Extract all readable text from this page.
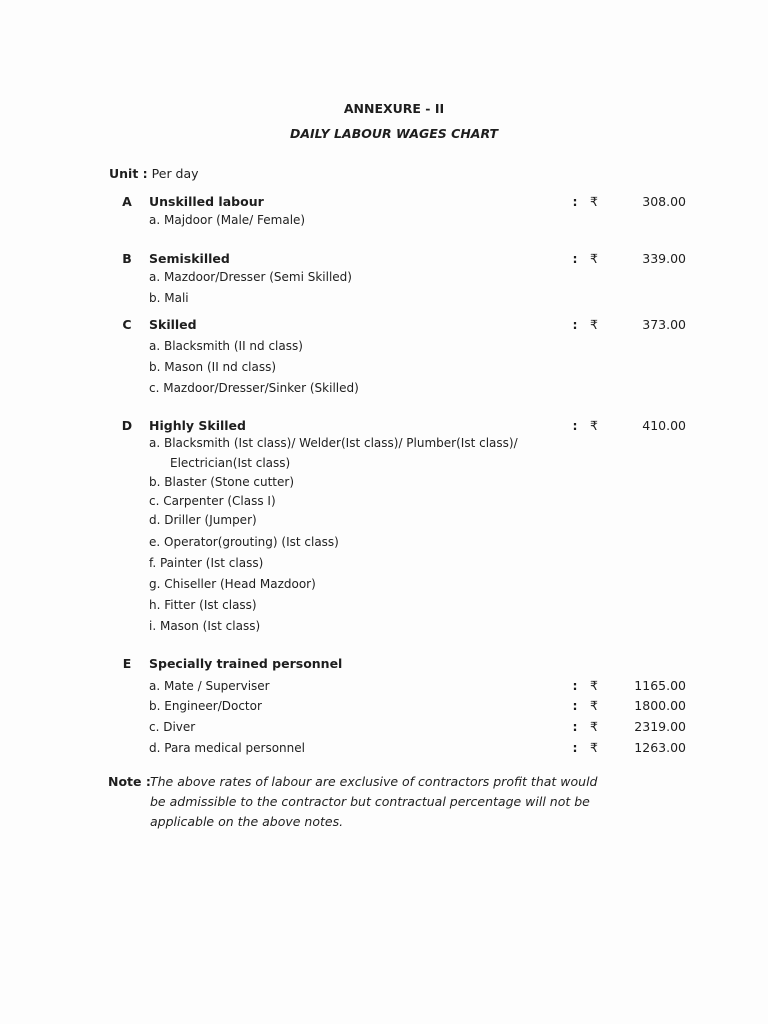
ANNEXURE - II
DAILY LABOUR WAGES CHART
Unit : Per day
A Unskilled labour	: ₹	308.00
a. Majdoor (Male/ Female)
B Semiskilled	: ₹	339.00
a. Mazdoor/Dresser (Semi Skilled)
b. Mali
C Skilled	: ₹	373.00
a. Blacksmith (II nd class)
b. Mason (II nd class)
c. Mazdoor/Dresser/Sinker (Skilled)
D Highly Skilled	: ₹	410.00
a. Blacksmith (Ist class)/ Welder(Ist class)/ Plumber(Ist class)/
Electrician(Ist class)
b. Blaster (Stone cutter)
c. Carpenter (Class I)
d. Driller (Jumper)
e. Operator(grouting) (Ist class)
f. Painter (Ist class)
g. Chiseller (Head Mazdoor)
h. Fitter (Ist class)
i. Mason (Ist class)
E Specially trained personnel
a. Mate / Superviser	: ₹	1165.00
b. Engineer/Doctor	: ₹	1800.00
c. Diver	: ₹	2319.00
d. Para medical personnel	: ₹	1263.00
Note : The above rates of labour are exclusive of contractors profit that would be admissible to the contractor but contractual percentage will not be applicable on the above notes.
